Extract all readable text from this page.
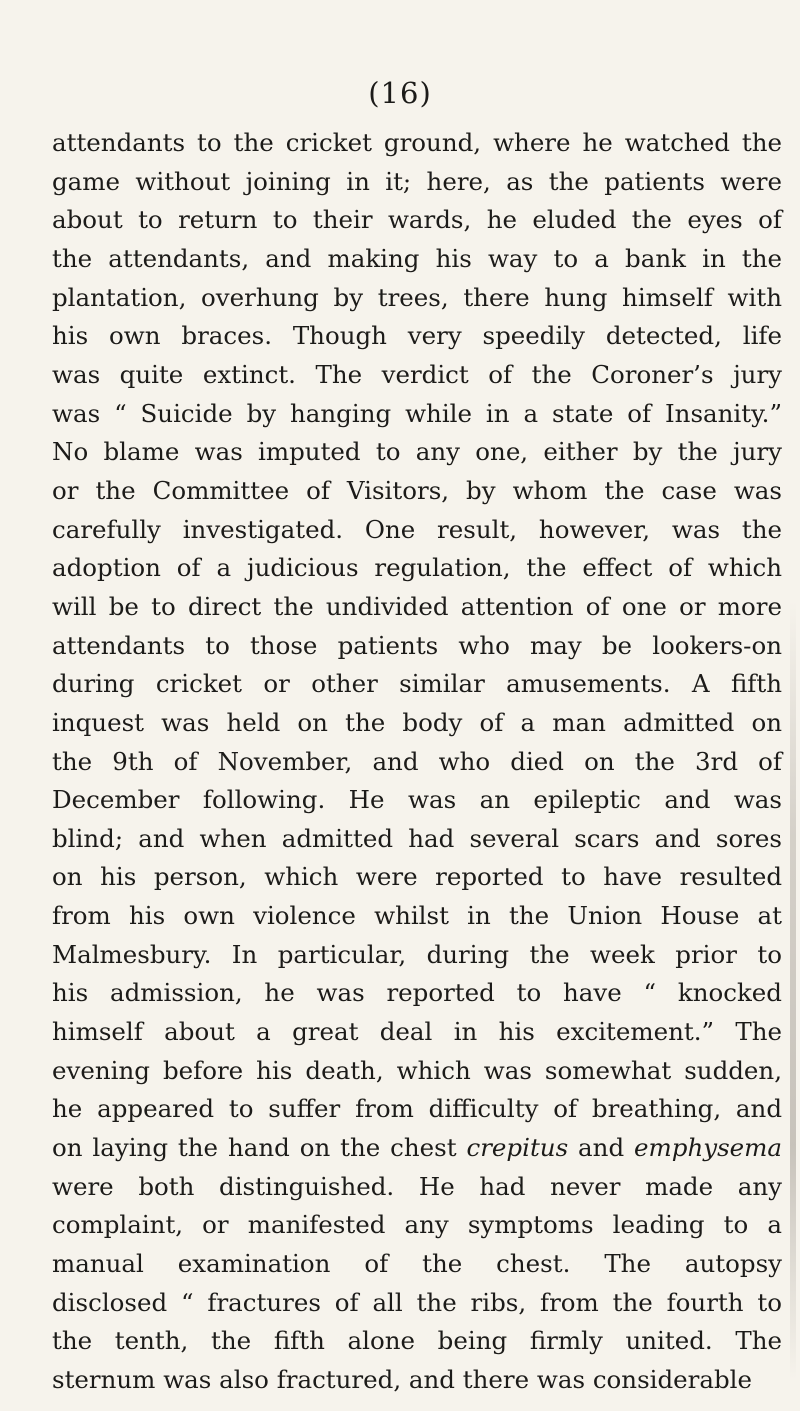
(16)
attendants to the cricket ground, where he watched the
game without joining in it; here, as the patients were
about to return to their wards, he eluded the eyes of
the attendants, and making his way to a bank in the
plantation, overhung by trees, there hung himself with
his own braces. Though very speedily detected, life
was quite extinct. The verdict of the Coroner’s jury
was “ Suicide by hanging while in a state of Insanity.”
No blame was imputed to any one, either by the jury
or the Committee of Visitors, by whom the case was
carefully investigated. One result, however, was the
adoption of a judicious regulation, the effect of which
will be to direct the undivided attention of one or more
attendants to those patients who may be lookers-on
during cricket or other similar amusements. A fifth
inquest was held on the body of a man admitted on
the 9th of November, and who died on the 3rd of
December following. He was an epileptic and was
blind; and when admitted had several scars and sores
on his person, which were reported to have resulted
from his own violence whilst in the Union House at
Malmesbury. In particular, during the week prior to
his admission, he was reported to have “ knocked
himself about a great deal in his excitement.” The
evening before his death, which was somewhat sudden,
he appeared to suffer from difficulty of breathing, and
on laying the hand on the chest crepitus and emphysema
were both distinguished. He had never made any
complaint, or manifested any symptoms leading to a
manual examination of the chest. The autopsy
disclosed “ fractures of all the ribs, from the fourth to
the tenth, the fifth alone being firmly united. The
sternum was also fractured, and there was considerable
